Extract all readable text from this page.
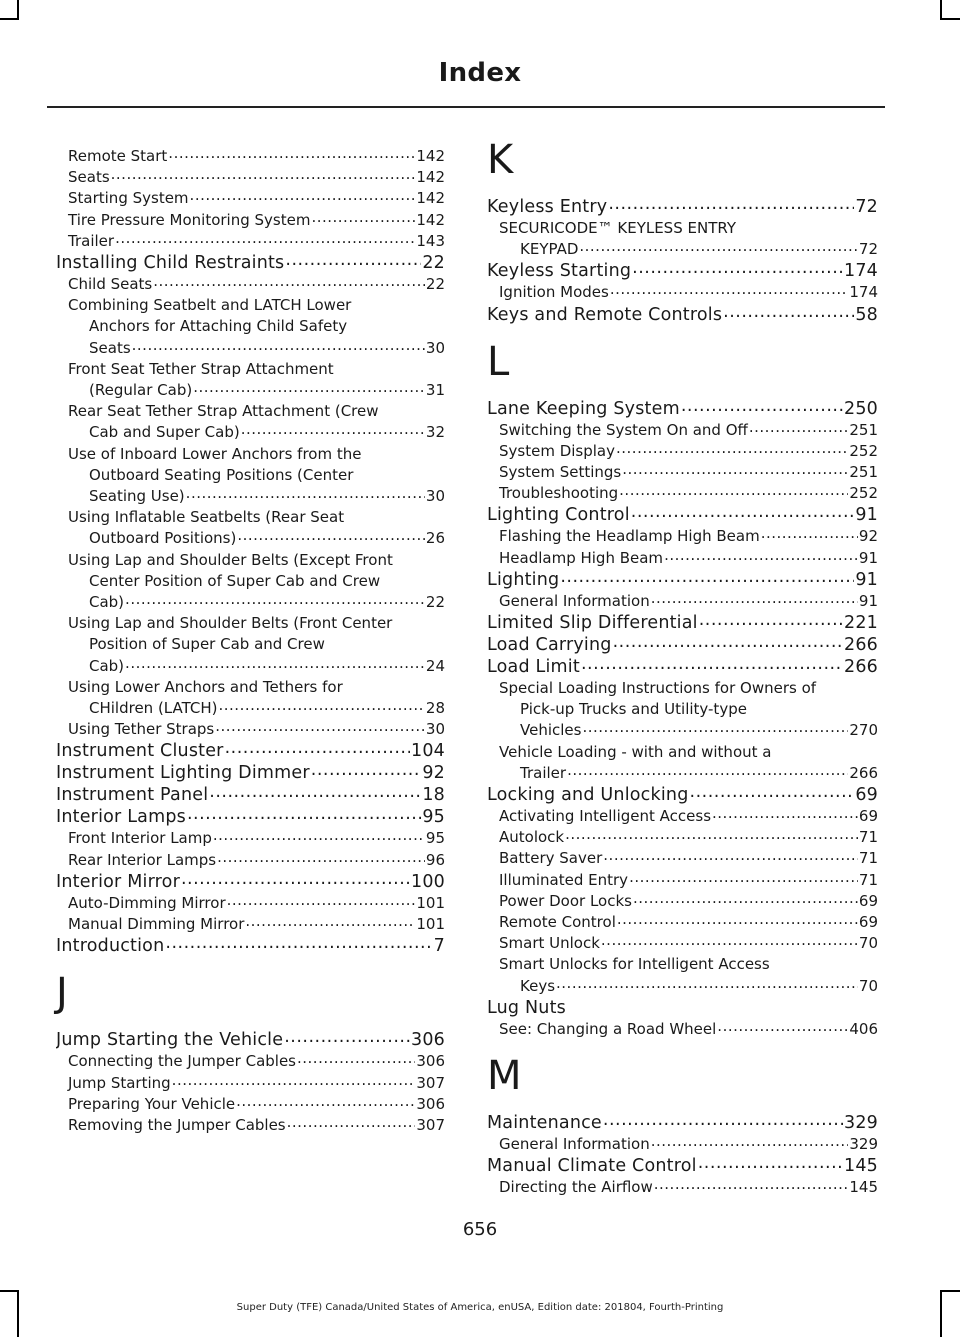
Index
Remote Start .....	142
Seats .....	142
Starting System .....	142
Tire Pressure Monitoring System .....	142
Trailer .....	143
Installing Child Restraints .....	22
Child Seats .....	22
Combining Seatbelt and LATCH Lower
Anchors for Attaching Child Safety
Seats .....	30
Front Seat Tether Strap Attachment
(Regular Cab) .....	31
Rear Seat Tether Strap Attachment (Crew
Cab and Super Cab) .....	32
Use of Inboard Lower Anchors from the
Outboard Seating Positions (Center
Seating Use) .....	30
Using Inflatable Seatbelts (Rear Seat
Outboard Positions) .....	26
Using Lap and Shoulder Belts (Except Front
Center Position of Super Cab and Crew
Cab) .....	22
Using Lap and Shoulder Belts (Front Center
Position of Super Cab and Crew
Cab) .....	24
Using Lower Anchors and Tethers for
CHildren (LATCH) .....	28
Using Tether Straps .....	30
Instrument Cluster .....	104
Instrument Lighting Dimmer .....	92
Instrument Panel .....	18
Interior Lamps .....	95
Front Interior Lamp .....	95
Rear Interior Lamps .....	96
Interior Mirror .....	100
Auto-Dimming Mirror .....	101
Manual Dimming Mirror .....	101
Introduction .....	7
J
Jump Starting the Vehicle .....	306
Connecting the Jumper Cables .....	306
Jump Starting .....	307
Preparing Your Vehicle .....	306
Removing the Jumper Cables .....	307
K
Keyless Entry .....	72
SECURICODE™ KEYLESS ENTRY
KEYPAD .....	72
Keyless Starting .....	174
Ignition Modes .....	174
Keys and Remote Controls .....	58
L
Lane Keeping System .....	250
Switching the System On and Off .....	251
System Display .....	252
System Settings .....	251
Troubleshooting .....	252
Lighting Control .....	91
Flashing the Headlamp High Beam .....	92
Headlamp High Beam .....	91
Lighting .....	91
General Information .....	91
Limited Slip Differential .....	221
Load Carrying .....	266
Load Limit .....	266
Special Loading Instructions for Owners of
Pick-up Trucks and Utility-type
Vehicles .....	270
Vehicle Loading - with and without a
Trailer .....	266
Locking and Unlocking .....	69
Activating Intelligent Access .....	69
Autolock .....	71
Battery Saver .....	71
Illuminated Entry .....	71
Power Door Locks .....	69
Remote Control .....	69
Smart Unlock .....	70
Smart Unlocks for Intelligent Access
Keys .....	70
Lug Nuts
See: Changing a Road Wheel .....	406
M
Maintenance .....	329
General Information .....	329
Manual Climate Control .....	145
Directing the Airflow .....	145
656
Super Duty (TFE) Canada/United States of America, enUSA, Edition date: 201804, Fourth-Printing
